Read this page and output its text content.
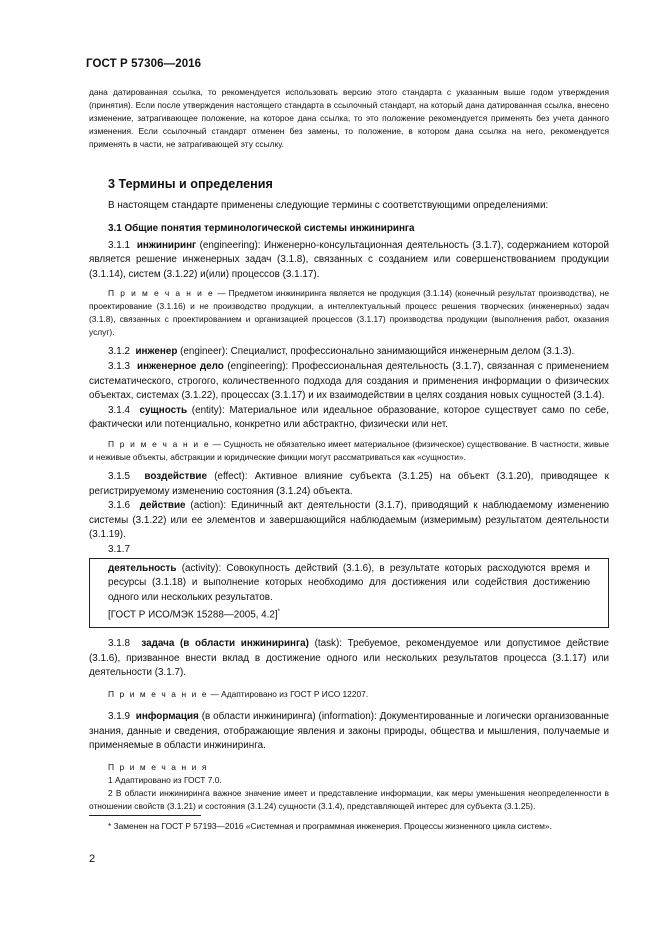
ГОСТ Р 57306—2016

дана датированная ссылка, то рекомендуется использовать версию этого стандарта с указанным выше годом утверждения (принятия). Если после утверждения настоящего стандарта в ссылочный стандарт, на который дана датированная ссылка, внесено изменение, затрагивающее положение, на которое дана ссылка, то это положение рекомендуется применять без учета данного изменения. Если ссылочный стандарт отменен без замены, то положение, в котором дана ссылка на него, рекомендуется применять в части, не затрагивающей эту ссылку.

3 Термины и определения

В настоящем стандарте применены следующие термины с соответствующими определениями:

3.1 Общие понятия терминологической системы инжиниринга

3.1.1 инжиниринг (engineering): Инженерно-консультационная деятельность (3.1.7), содержанием которой является решение инженерных задач (3.1.8), связанных с созданием или совершенствованием продукции (3.1.14), систем (3.1.22) и(или) процессов (3.1.17).

П р и м е ч а н и е — Предметом инжиниринга является не продукция (3.1.14) (конечный результат производства), не проектирование (3.1.16) и не производство продукции, а интеллектуальный процесс решения творческих (инженерных) задач (3.1.8), связанных с проектированием и организацией процессов (3.1.17) производства продукции (выполнения работ, оказания услуг).

3.1.2 инженер (engineer): Специалист, профессионально занимающийся инженерным делом (3.1.3).

3.1.3 инженерное дело (engineering): Профессиональная деятельность (3.1.7), связанная с применением систематического, строгого, количественного подхода для создания и применения информации о физических объектах, системах (3.1.22), процессах (3.1.17) и их взаимодействии в целях создания новых сущностей (3.1.4).

3.1.4 сущность (entity): Материальное или идеальное образование, которое существует само по себе, фактически или потенциально, конкретно или абстрактно, физически или нет.

П р и м е ч а н и е — Сущность не обязательно имеет материальное (физическое) существование. В частности, живые и неживые объекты, абстракции и юридические фикции могут рассматриваться как «сущности».

3.1.5 воздействие (effect): Активное влияние субъекта (3.1.25) на объект (3.1.20), приводящее к регистрируемому изменению состояния (3.1.24) объекта.

3.1.6 действие (action): Единичный акт деятельности (3.1.7), приводящий к наблюдаемому изменению системы (3.1.22) или ее элементов и завершающийся наблюдаемым (измеримым) результатом деятельности (3.1.19).

3.1.7

деятельность (activity): Совокупность действий (3.1.6), в результате которых расходуются время и ресурсы (3.1.18) и выполнение которых необходимо для достижения или содействия достижению одного или нескольких результатов.

[ГОСТ Р ИСО/МЭК 15288—2005, 4.2]*

3.1.8 задача (в области инжиниринга) (task): Требуемое, рекомендуемое или допустимое действие (3.1.6), призванное внести вклад в достижение одного или нескольких результатов процесса (3.1.17) или деятельности (3.1.7).

П р и м е ч а н и е — Адаптировано из ГОСТ Р ИСО 12207.

3.1.9 информация (в области инжиниринга) (information): Документированные и логически организованные знания, данные и сведения, отображающие явления и законы природы, общества и мышления, получаемые и применяемые в области инжиниринга.

П р и м е ч а н и я

1 Адаптировано из ГОСТ 7.0.

2 В области инжиниринга важное значение имеет и представление информации, как меры уменьшения неопределенности в отношении свойств (3.1.21) и состояния (3.1.24) сущности (3.1.4), представляющей интерес для субъекта (3.1.25).

* Заменен на ГОСТ Р 57193—2016 «Системная и программная инженерия. Процессы жизненного цикла систем».

2
